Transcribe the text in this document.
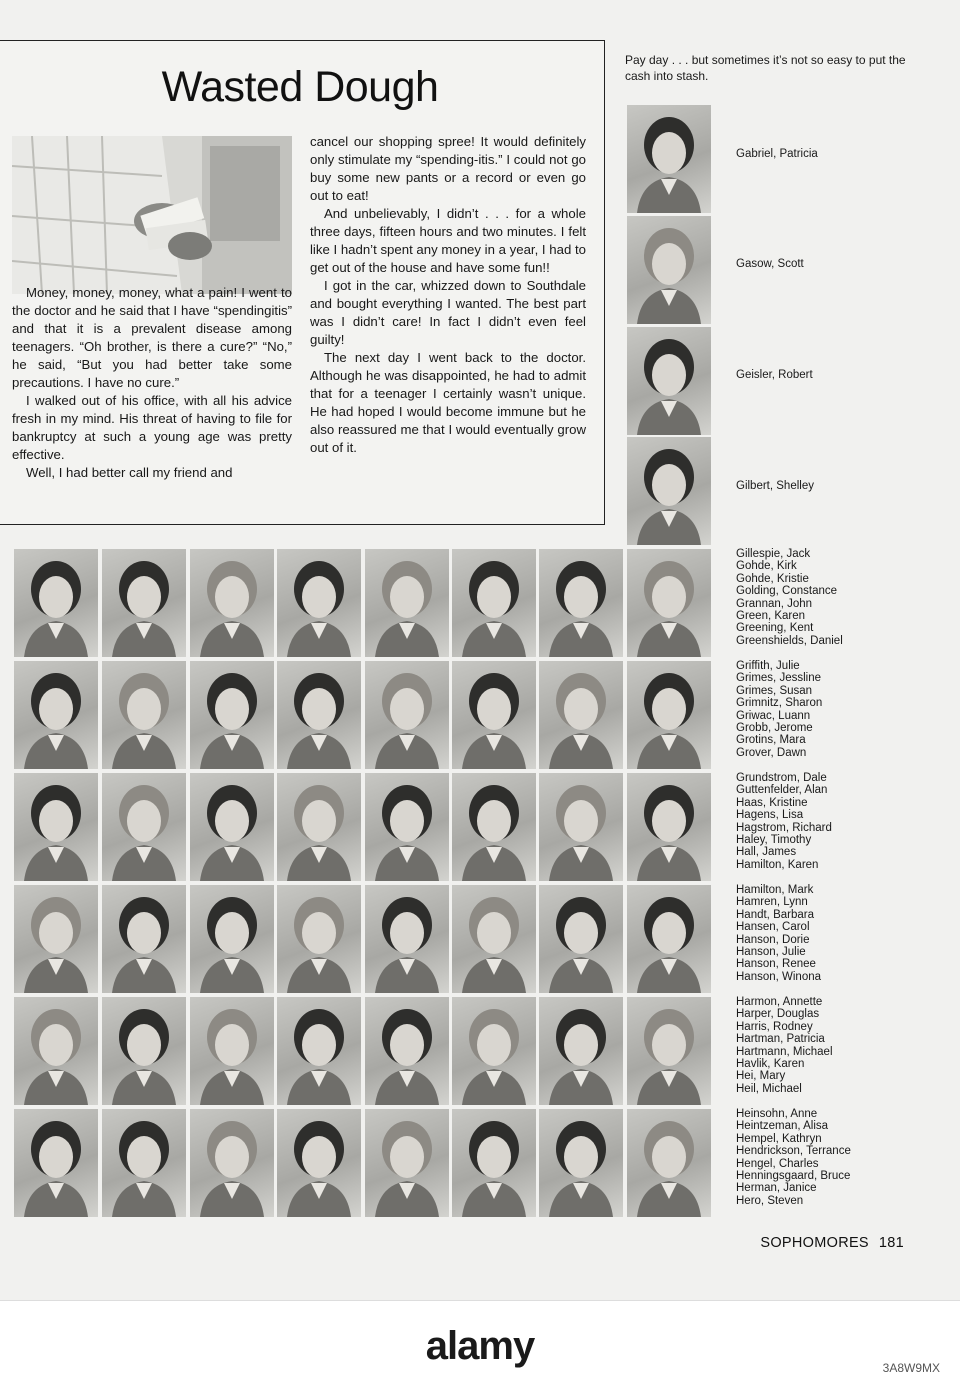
Wasted Dough

Money, money, money, what a pain! I went to the doctor and he said that I have “spendingitis” and that it is a prevalent disease among teenagers. “Oh brother, is there a cure?” “No,” he said, “But you had better take some precautions. I have no cure.”

I walked out of his office, with all his advice fresh in my mind. His threat of having to file for bankruptcy at such a young age was pretty effective.

Well, I had better call my friend and

cancel our shopping spree! It would definitely only stimulate my “spending-itis.” I could not go buy some new pants or a record or even go out to eat!

And unbelievably, I didn’t . . . for a whole three days, fifteen hours and two minutes. I felt like I hadn’t spent any money in a year, I had to get out of the house and have some fun!!

I got in the car, whizzed down to Southdale and bought everything I wanted. The best part was I didn’t care! In fact I didn’t even feel guilty!

The next day I went back to the doctor. Although he was disappointed, he had to admit that for a teenager I certainly wasn’t unique. He had hoped I would become immune but he also reassured me that I would eventually grow out of it.

Pay day . . . but sometimes it’s not so easy to put the cash into stash.
Gabriel, Patricia
Gasow, Scott
Geisler, Robert
Gilbert, Shelley
Gillespie, Jack
Gohde, Kirk
Gohde, Kristie
Golding, Constance
Grannan, John
Green, Karen
Greening, Kent
Greenshields, Daniel
Griffith, Julie
Grimes, Jessline
Grimes, Susan
Grimnitz, Sharon
Griwac, Luann
Grobb, Jerome
Grotins, Mara
Grover, Dawn
Grundstrom, Dale
Guttenfelder, Alan
Haas, Kristine
Hagens, Lisa
Hagstrom, Richard
Haley, Timothy
Hall, James
Hamilton, Karen
Hamilton, Mark
Hamren, Lynn
Handt, Barbara
Hansen, Carol
Hanson, Dorie
Hanson, Julie
Hanson, Renee
Hanson, Winona
Harmon, Annette
Harper, Douglas
Harris, Rodney
Hartman, Patricia
Hartmann, Michael
Havlik, Karen
Hei, Mary
Heil, Michael
Heinsohn, Anne
Heintzeman, Alisa
Hempel, Kathryn
Hendrickson, Terrance
Hengel, Charles
Henningsgaard, Bruce
Herman, Janice
Hero, Steven
SOPHOMORES 181
alamy
3A8W9MX
